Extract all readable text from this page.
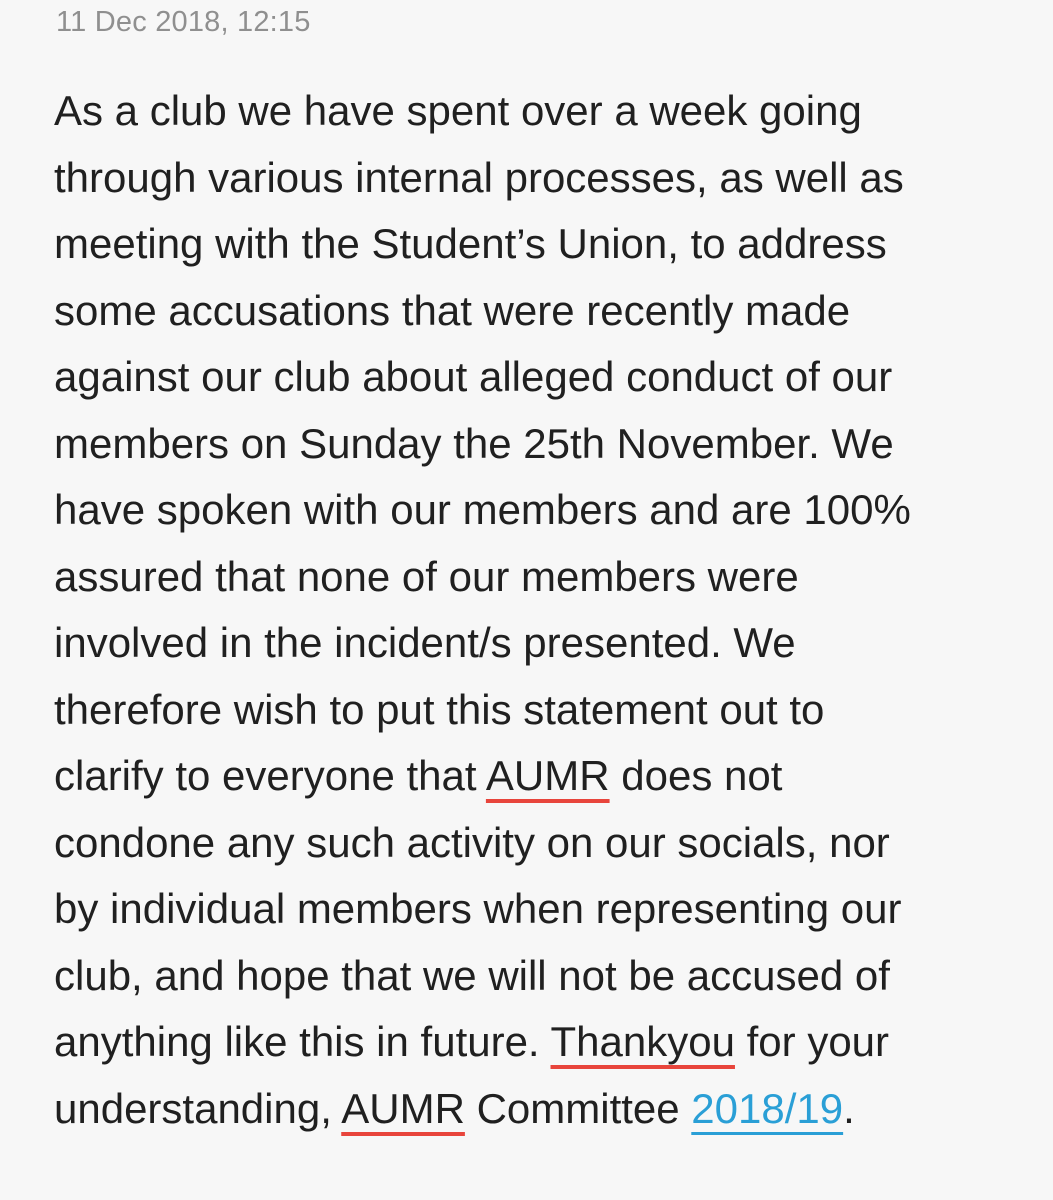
11 Dec 2018, 12:15
As a club we have spent over a week going
through various internal processes, as well as
meeting with the Student’s Union, to address
some accusations that were recently made
against our club about alleged conduct of our
members on Sunday the 25th November. We
have spoken with our members and are 100%
assured that none of our members were
involved in the incident/s presented. We
therefore wish to put this statement out to
clarify to everyone that AUMR does not
condone any such activity on our socials, nor
by individual members when representing our
club, and hope that we will not be accused of
anything like this in future. Thankyou for your
understanding, AUMR Committee 2018/19.
